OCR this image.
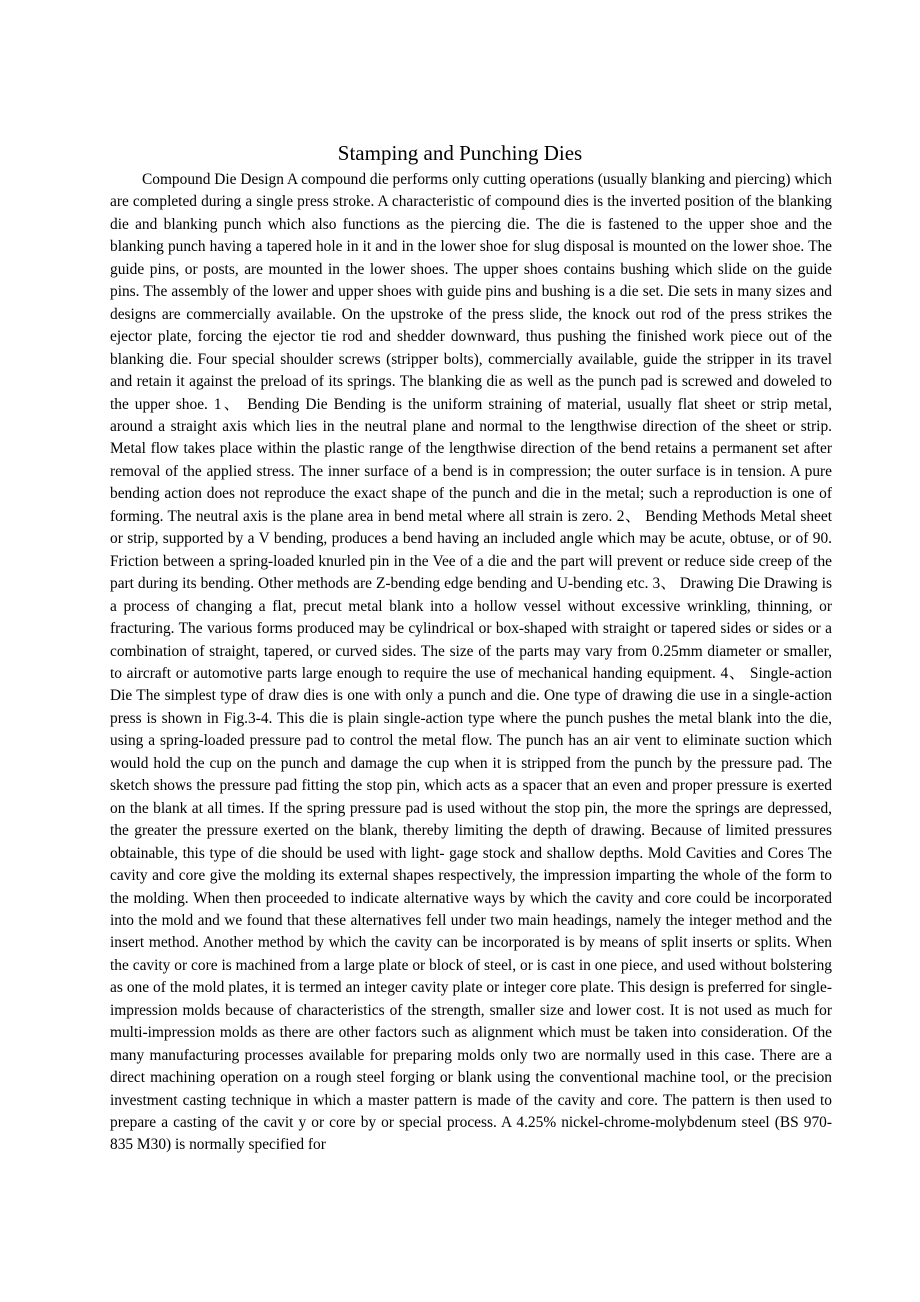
Stamping and Punching Dies

Compound Die Design A compound die performs only cutting operations (usually blanking and piercing) which are completed during a single press stroke. A characteristic of compound dies is the inverted position of the blanking die and blanking punch which also functions as the piercing die. The die is fastened to the upper shoe and the blanking punch having a tapered hole in it and in the lower shoe for slug disposal is mounted on the lower shoe. The guide pins, or posts, are mounted in the lower shoes. The upper shoes contains bushing which slide on the guide pins. The assembly of the lower and upper shoes with guide pins and bushing is a die set. Die sets in many sizes and designs are commercially available. On the upstroke of the press slide, the knock out rod of the press strikes the ejector plate, forcing the ejector tie rod and shedder downward, thus pushing the finished work piece out of the blanking die. Four special shoulder screws (stripper bolts), commercially available, guide the stripper in its travel and retain it against the preload of its springs. The blanking die as well as the punch pad is screwed and doweled to the upper shoe. 1、 Bending Die Bending is the uniform straining of material, usually flat sheet or strip metal, around a straight axis which lies in the neutral plane and normal to the lengthwise direction of the sheet or strip. Metal flow takes place within the plastic range of the lengthwise direction of the bend retains a permanent set after removal of the applied stress. The inner surface of a bend is in compression; the outer surface is in tension. A pure bending action does not reproduce the exact shape of the punch and die in the metal; such a reproduction is one of forming. The neutral axis is the plane area in bend metal where all strain is zero. 2、 Bending Methods Metal sheet or strip, supported by a V bending, produces a bend having an included angle which may be acute, obtuse, or of 90. Friction between a spring-loaded knurled pin in the Vee of a die and the part will prevent or reduce side creep of the part during its bending. Other methods are Z-bending edge bending and U-bending etc. 3、 Drawing Die Drawing is a process of changing a flat, precut metal blank into a hollow vessel without excessive wrinkling, thinning, or fracturing. The various forms produced may be cylindrical or box-shaped with straight or tapered sides or sides or a combination of straight, tapered, or curved sides. The size of the parts may vary from 0.25mm diameter or smaller, to aircraft or automotive parts large enough to require the use of mechanical handing equipment. 4、 Single-action Die The simplest type of draw dies is one with only a punch and die. One type of drawing die use in a single-action press is shown in Fig.3-4. This die is plain single-action type where the punch pushes the metal blank into the die, using a spring-loaded pressure pad to control the metal flow. The punch has an air vent to eliminate suction which would hold the cup on the punch and damage the cup when it is stripped from the punch by the pressure pad. The sketch shows the pressure pad fitting the stop pin, which acts as a spacer that an even and proper pressure is exerted on the blank at all times. If the spring pressure pad is used without the stop pin, the more the springs are depressed, the greater the pressure exerted on the blank, thereby limiting the depth of drawing. Because of limited pressures obtainable, this type of die should be used with light- gage stock and shallow depths. Mold Cavities and Cores The cavity and core give the molding its external shapes respectively, the impression imparting the whole of the form to the molding. When then proceeded to indicate alternative ways by which the cavity and core could be incorporated into the mold and we found that these alternatives fell under two main headings, namely the integer method and the insert method. Another method by which the cavity can be incorporated is by means of split inserts or splits. When the cavity or core is machined from a large plate or block of steel, or is cast in one piece, and used without bolstering as one of the mold plates, it is termed an integer cavity plate or integer core plate. This design is preferred for single-impression molds because of characteristics of the strength, smaller size and lower cost. It is not used as much for multi-impression molds as there are other factors such as alignment which must be taken into consideration. Of the many manufacturing processes available for preparing molds only two are normally used in this case. There are a direct machining operation on a rough steel forging or blank using the conventional machine tool, or the precision investment casting technique in which a master pattern is made of the cavity and core. The pattern is then used to prepare a casting of the cavit y or core by or special process. A 4.25% nickel-chrome-molybdenum steel (BS 970-835 M30) is normally specified for
